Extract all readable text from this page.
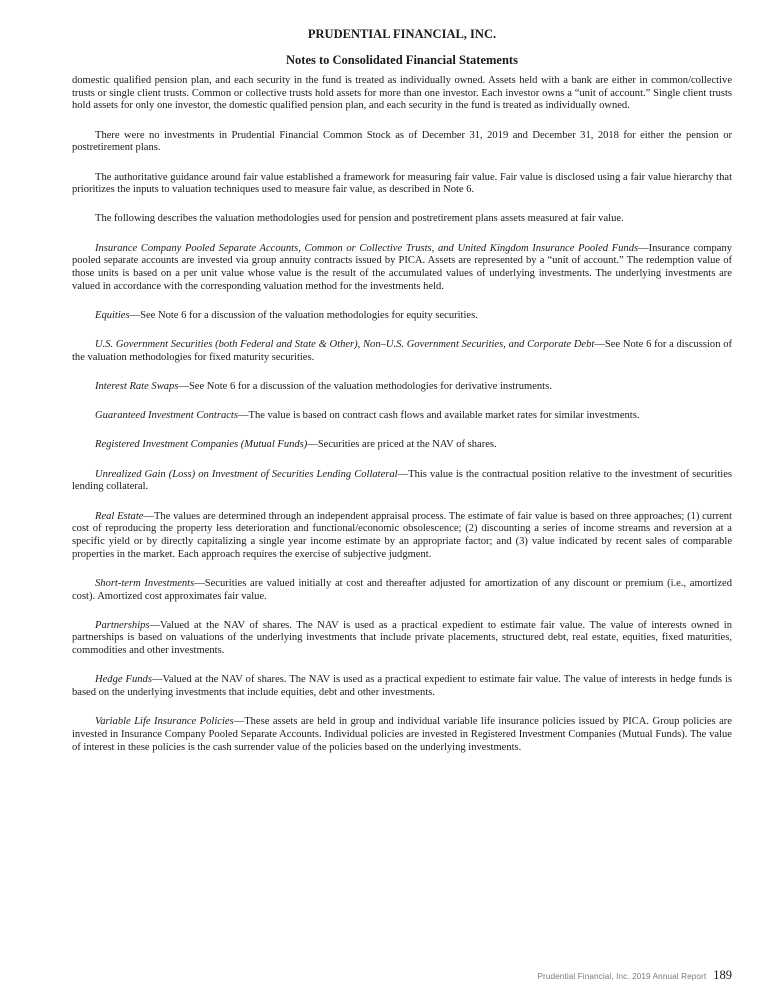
PRUDENTIAL FINANCIAL, INC.

Notes to Consolidated Financial Statements

domestic qualified pension plan, and each security in the fund is treated as individually owned. Assets held with a bank are either in common/collective trusts or single client trusts. Common or collective trusts hold assets for more than one investor. Each investor owns a “unit of account.” Single client trusts hold assets for only one investor, the domestic qualified pension plan, and each security in the fund is treated as individually owned.

There were no investments in Prudential Financial Common Stock as of December 31, 2019 and December 31, 2018 for either the pension or postretirement plans.

The authoritative guidance around fair value established a framework for measuring fair value. Fair value is disclosed using a fair value hierarchy that prioritizes the inputs to valuation techniques used to measure fair value, as described in Note 6.

The following describes the valuation methodologies used for pension and postretirement plans assets measured at fair value.

Insurance Company Pooled Separate Accounts, Common or Collective Trusts, and United Kingdom Insurance Pooled Funds—Insurance company pooled separate accounts are invested via group annuity contracts issued by PICA. Assets are represented by a “unit of account.” The redemption value of those units is based on a per unit value whose value is the result of the accumulated values of underlying investments. The underlying investments are valued in accordance with the corresponding valuation method for the investments held.

Equities—See Note 6 for a discussion of the valuation methodologies for equity securities.

U.S. Government Securities (both Federal and State & Other), Non–U.S. Government Securities, and Corporate Debt—See Note 6 for a discussion of the valuation methodologies for fixed maturity securities.

Interest Rate Swaps—See Note 6 for a discussion of the valuation methodologies for derivative instruments.

Guaranteed Investment Contracts—The value is based on contract cash flows and available market rates for similar investments.

Registered Investment Companies (Mutual Funds)—Securities are priced at the NAV of shares.

Unrealized Gain (Loss) on Investment of Securities Lending Collateral—This value is the contractual position relative to the investment of securities lending collateral.

Real Estate—The values are determined through an independent appraisal process. The estimate of fair value is based on three approaches; (1) current cost of reproducing the property less deterioration and functional/economic obsolescence; (2) discounting a series of income streams and reversion at a specific yield or by directly capitalizing a single year income estimate by an appropriate factor; and (3) value indicated by recent sales of comparable properties in the market. Each approach requires the exercise of subjective judgment.

Short-term Investments—Securities are valued initially at cost and thereafter adjusted for amortization of any discount or premium (i.e., amortized cost). Amortized cost approximates fair value.

Partnerships—Valued at the NAV of shares. The NAV is used as a practical expedient to estimate fair value. The value of interests owned in partnerships is based on valuations of the underlying investments that include private placements, structured debt, real estate, equities, fixed maturities, commodities and other investments.

Hedge Funds—Valued at the NAV of shares. The NAV is used as a practical expedient to estimate fair value. The value of interests in hedge funds is based on the underlying investments that include equities, debt and other investments.

Variable Life Insurance Policies—These assets are held in group and individual variable life insurance policies issued by PICA. Group policies are invested in Insurance Company Pooled Separate Accounts. Individual policies are invested in Registered Investment Companies (Mutual Funds). The value of interest in these policies is the cash surrender value of the policies based on the underlying investments.

Prudential Financial, Inc. 2019 Annual Report 189
